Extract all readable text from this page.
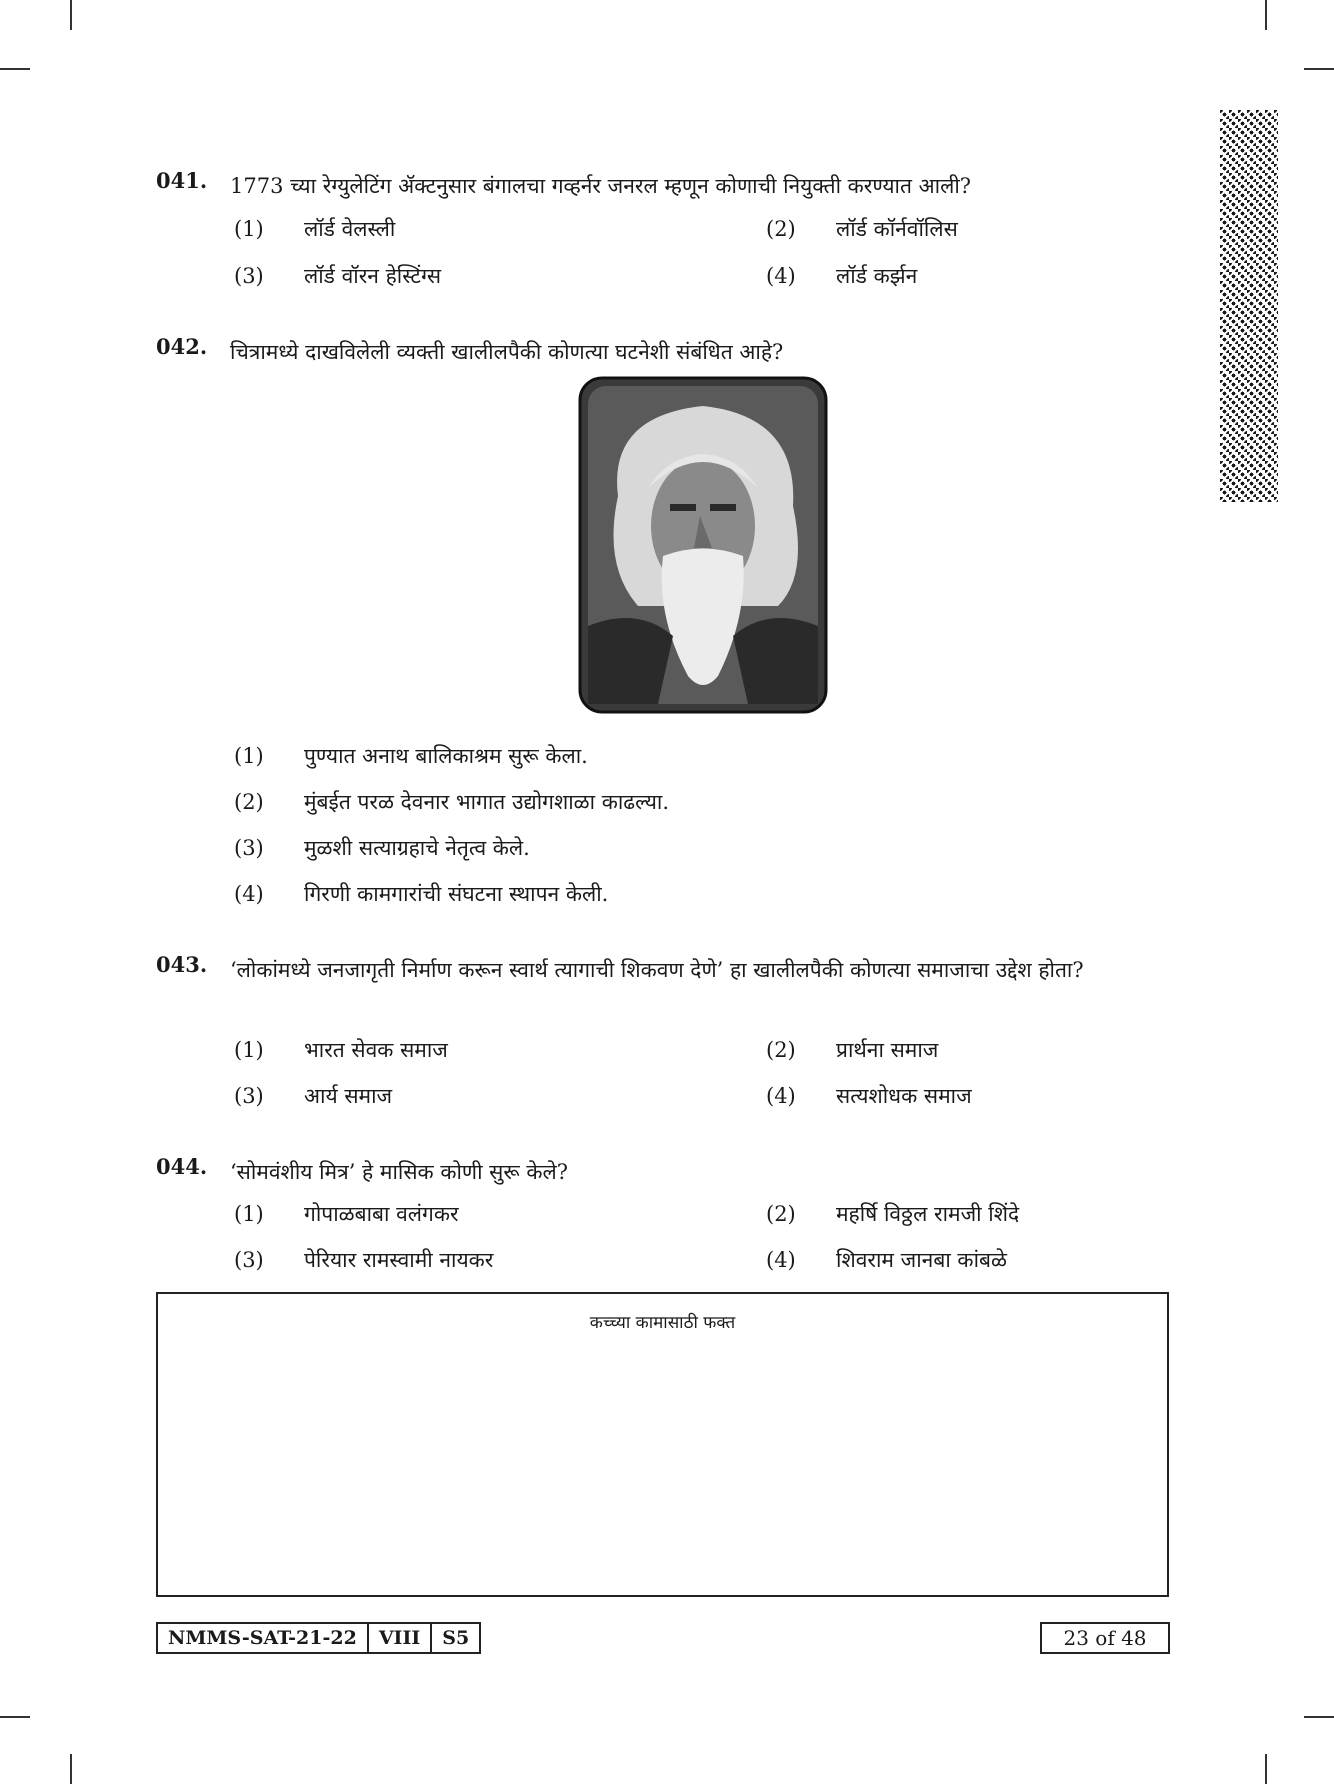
041.	1773 च्या रेग्युलेटिंग ॲक्टनुसार बंगालचा गव्हर्नर जनरल म्हणून कोणाची नियुक्ती करण्यात आली?
(1) लॉर्ड वेलस्ली	(2) लॉर्ड कॉर्नवॉलिस
(3) लॉर्ड वॉरन हेस्टिंग्स	(4) लॉर्ड कर्झन
042.	चित्रामध्ये दाखविलेली व्यक्ती खालीलपैकी कोणत्या घटनेशी संबंधित आहे?
(1) पुण्यात अनाथ बालिकाश्रम सुरू केला.
(2) मुंबईत परळ देवनार भागात उद्योगशाळा काढल्या.
(3) मुळशी सत्याग्रहाचे नेतृत्व केले.
(4) गिरणी कामगारांची संघटना स्थापन केली.
043.	‘लोकांमध्ये जनजागृती निर्माण करून स्वार्थ त्यागाची शिकवण देणे’ हा खालीलपैकी कोणत्या समाजाचा उद्देश होता?
(1) भारत सेवक समाज	(2) प्रार्थना समाज
(3) आर्य समाज	(4) सत्यशोधक समाज
044.	‘सोमवंशीय मित्र’ हे मासिक कोणी सुरू केले?
(1) गोपाळबाबा वलंगकर	(2) महर्षि विठ्ठल रामजी शिंदे
(3) पेरियार रामस्वामी नायकर	(4) शिवराम जानबा कांबळे
कच्च्या कामासाठी फक्त
NMMS-SAT-21-22	VIII	S5	23 of 48
